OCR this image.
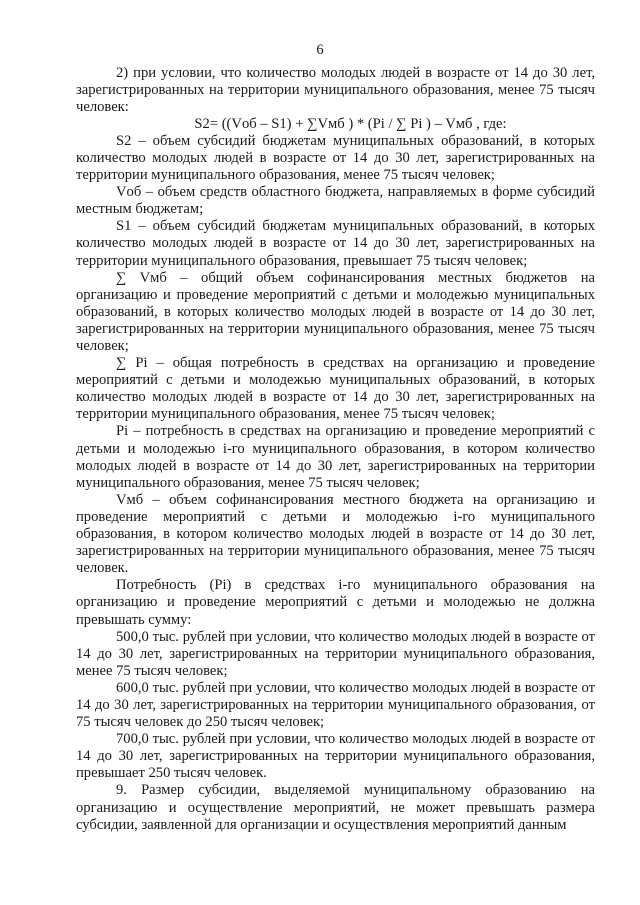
6

2) при условии, что количество молодых людей в возрасте от 14 до 30 лет, зарегистрированных на территории муниципального образования, менее 75 тысяч человек:

S2= ((Vоб – S1) + ∑Vмб ) * (Pi / ∑ Pi ) – Vмб , где:

S2 – объем субсидий бюджетам муниципальных образований, в которых количество молодых людей в возрасте от 14 до 30 лет, зарегистрированных на территории муниципального образования, менее 75 тысяч человек;

Vоб – объем средств областного бюджета, направляемых в форме субсидий местным бюджетам;

S1 – объем субсидий бюджетам муниципальных образований, в которых количество молодых людей в возрасте от 14 до 30 лет, зарегистрированных на территории муниципального образования, превышает 75 тысяч человек;

∑ Vмб – общий объем софинансирования местных бюджетов на организацию и проведение мероприятий с детьми и молодежью муниципальных образований, в которых количество молодых людей в возрасте от 14 до 30 лет, зарегистрированных на территории муниципального образования, менее 75 тысяч человек;

∑ Pi – общая потребность в средствах на организацию и проведение мероприятий с детьми и молодежью муниципальных образований, в которых количество молодых людей в возрасте от 14 до 30 лет, зарегистрированных на территории муниципального образования, менее 75 тысяч человек;

Pi – потребность в средствах на организацию и проведение мероприятий с детьми и молодежью i-го муниципального образования, в котором количество молодых людей в возрасте от 14 до 30 лет, зарегистрированных на территории муниципального образования, менее 75 тысяч человек;

Vмб – объем софинансирования местного бюджета на организацию и проведение мероприятий с детьми и молодежью i-го муниципального образования, в котором количество молодых людей в возрасте от 14 до 30 лет, зарегистрированных на территории муниципального образования, менее 75 тысяч человек.

Потребность (Pi) в средствах i-го муниципального образования на организацию и проведение мероприятий с детьми и молодежью не должна превышать сумму:

500,0 тыс. рублей при условии, что количество молодых людей в возрасте от 14 до 30 лет, зарегистрированных на территории муниципального образования, менее 75 тысяч человек;

600,0 тыс. рублей при условии, что количество молодых людей в возрасте от 14 до 30 лет, зарегистрированных на территории муниципального образования, от 75 тысяч человек до 250 тысяч человек;

700,0 тыс. рублей при условии, что количество молодых людей в возрасте от 14 до 30 лет, зарегистрированных на территории муниципального образования, превышает 250 тысяч человек.

9. Размер субсидии, выделяемой муниципальному образованию на организацию и осуществление мероприятий, не может превышать размера субсидии, заявленной для организации и осуществления мероприятий данным
